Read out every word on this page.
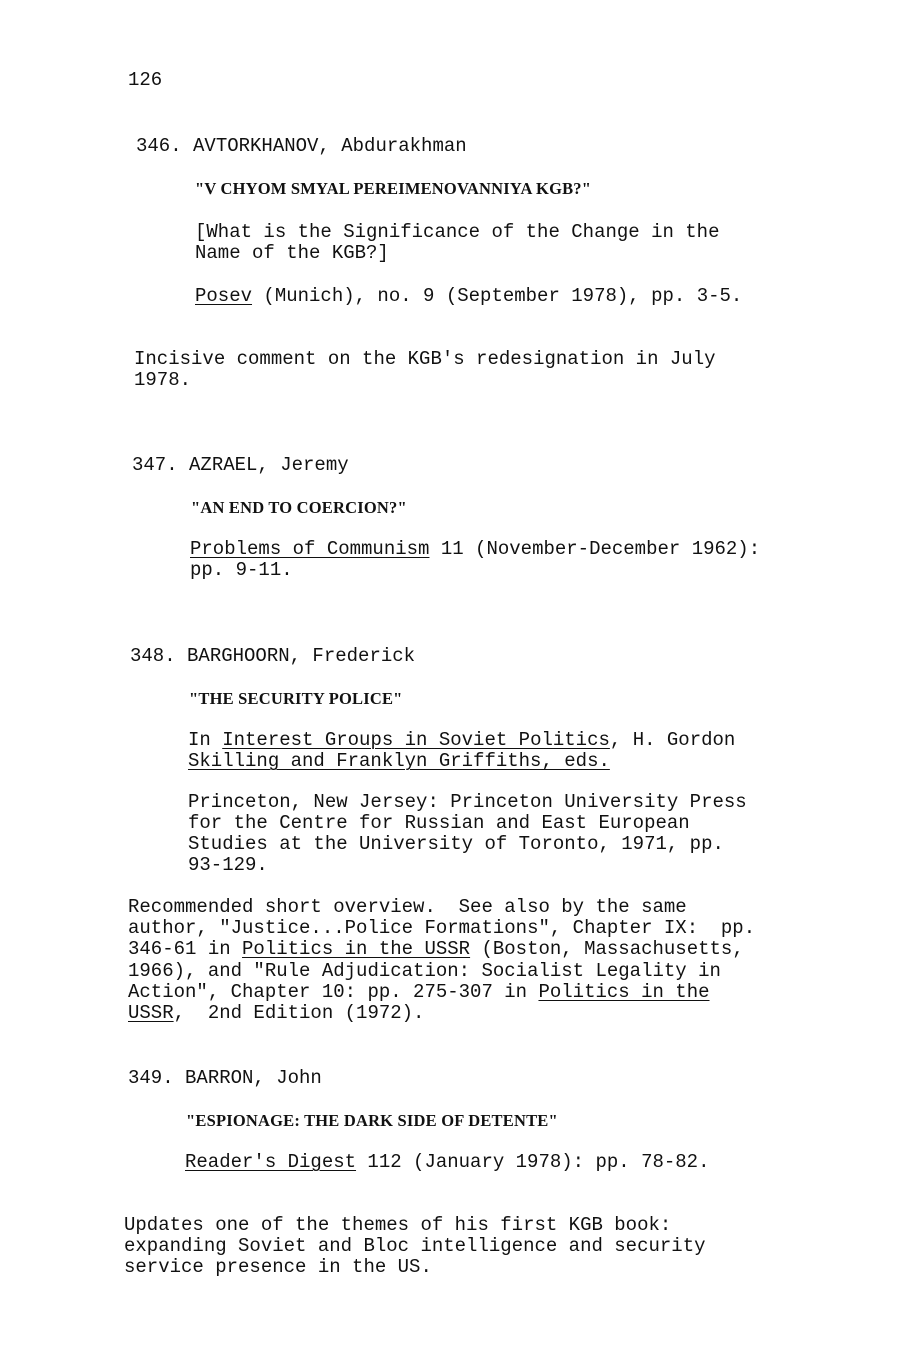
126
346. AVTORKHANOV, Abdurakhman
"V CHYOM SMYAL PEREIMENOVANNIYA KGB?"
[What is the Significance of the Change in the
Name of the KGB?]
Posev (Munich), no. 9 (September 1978), pp. 3-5.
Incisive comment on the KGB's redesignation in July
1978.
347. AZRAEL, Jeremy
"AN END TO COERCION?"
Problems of Communism 11 (November-December 1962):
pp. 9-11.
348. BARGHOORN, Frederick
"THE SECURITY POLICE"
In Interest Groups in Soviet Politics, H. Gordon
Skilling and Franklyn Griffiths, eds.
Princeton, New Jersey: Princeton University Press
for the Centre for Russian and East European
Studies at the University of Toronto, 1971, pp.
93-129.
Recommended short overview.  See also by the same
author, "Justice...Police Formations", Chapter IX:  pp.
346-61 in Politics in the USSR (Boston, Massachusetts,
1966), and "Rule Adjudication: Socialist Legality in
Action", Chapter 10: pp. 275-307 in Politics in the
USSR,  2nd Edition (1972).
349. BARRON, John
"ESPIONAGE: THE DARK SIDE OF DETENTE"
Reader's Digest 112 (January 1978): pp. 78-82.
Updates one of the themes of his first KGB book:
expanding Soviet and Bloc intelligence and security
service presence in the US.
